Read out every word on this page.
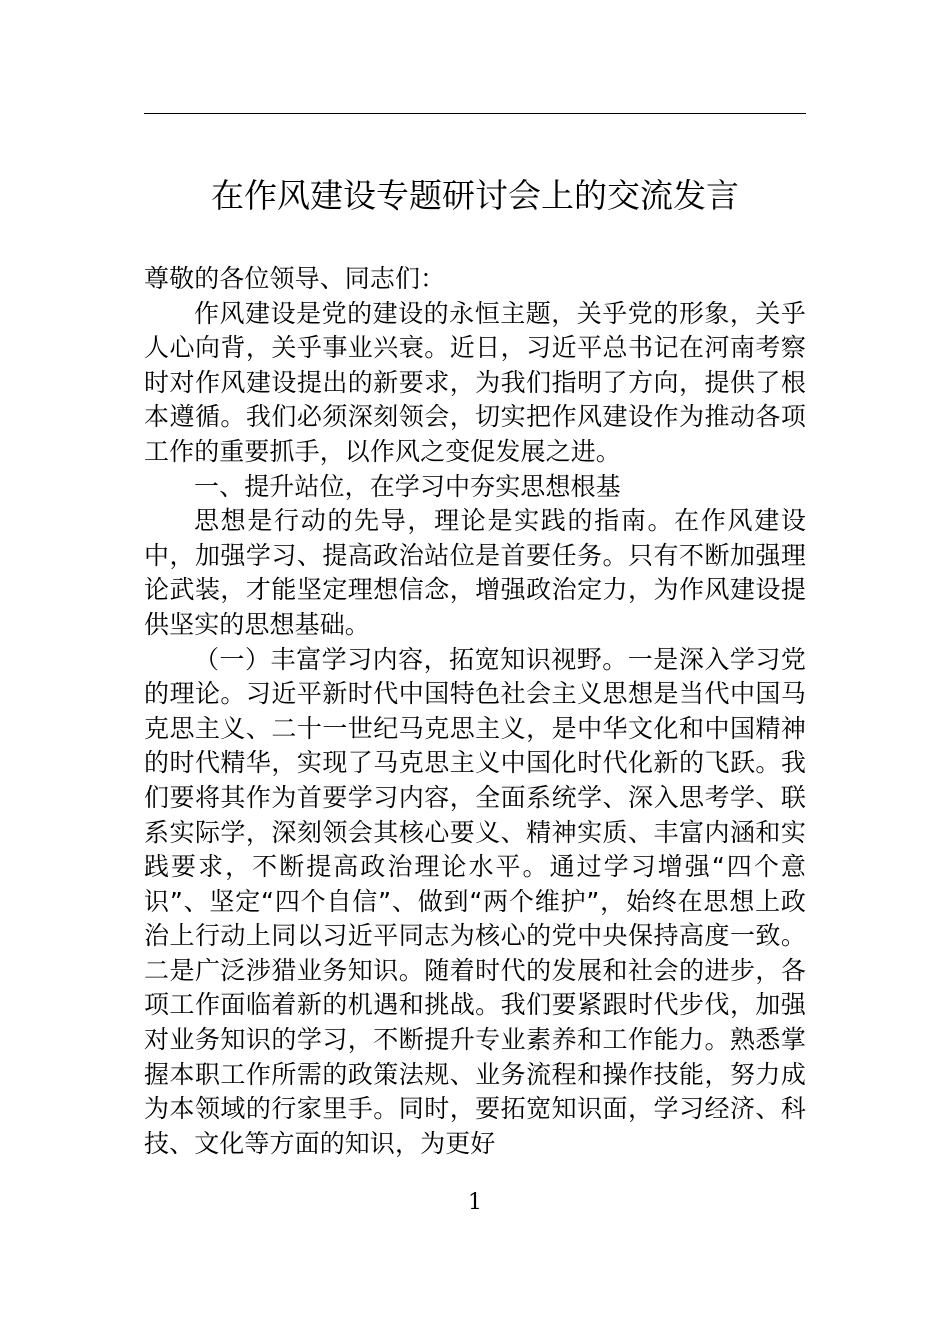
在作风建设专题研讨会上的交流发言

尊敬的各位领导、同志们：

作风建设是党的建设的永恒主题，关乎党的形象，关乎人心向背，关乎事业兴衰。近日，习近平总书记在河南考察时对作风建设提出的新要求，为我们指明了方向，提供了根本遵循。我们必须深刻领会，切实把作风建设作为推动各项工作的重要抓手，以作风之变促发展之进。

一、提升站位，在学习中夯实思想根基

思想是行动的先导，理论是实践的指南。在作风建设中，加强学习、提高政治站位是首要任务。只有不断加强理论武装，才能坚定理想信念，增强政治定力，为作风建设提供坚实的思想基础。

（一）丰富学习内容，拓宽知识视野。一是深入学习党的理论。习近平新时代中国特色社会主义思想是当代中国马克思主义、二十一世纪马克思主义，是中华文化和中国精神的时代精华，实现了马克思主义中国化时代化新的飞跃。我们要将其作为首要学习内容，全面系统学、深入思考学、联系实际学，深刻领会其核心要义、精神实质、丰富内涵和实践要求，不断提高政治理论水平。通过学习增强“四个意识”、坚定“四个自信”、做到“两个维护”，始终在思想上政治上行动上同以习近平同志为核心的党中央保持高度一致。二是广泛涉猎业务知识。随着时代的发展和社会的进步，各项工作面临着新的机遇和挑战。我们要紧跟时代步伐，加强对业务知识的学习，不断提升专业素养和工作能力。熟悉掌握本职工作所需的政策法规、业务流程和操作技能，努力成为本领域的行家里手。同时，要拓宽知识面，学习经济、科技、文化等方面的知识，为更好

1
